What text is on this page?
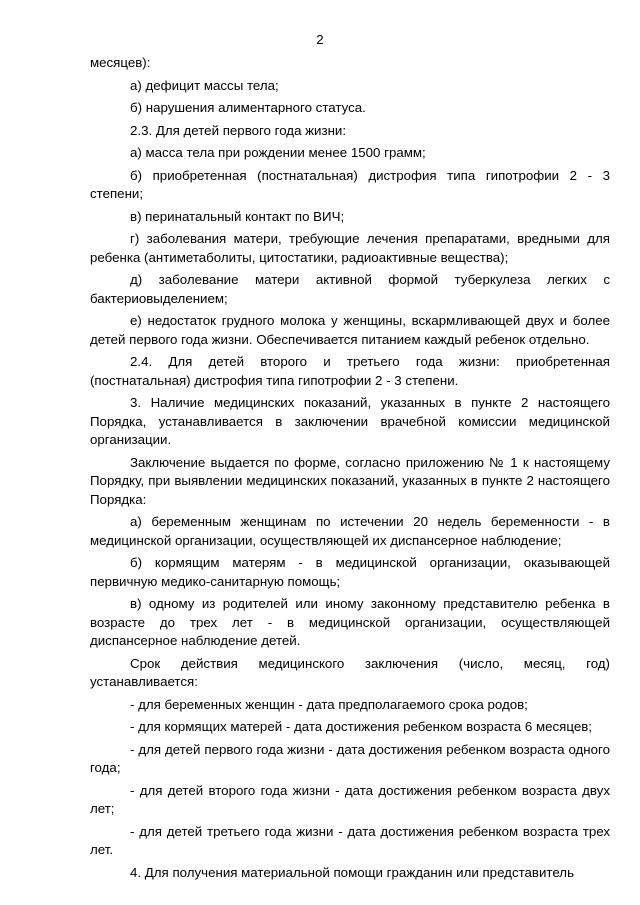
2

месяцев):

а) дефицит массы тела;

б) нарушения алиментарного статуса.

2.3. Для детей первого года жизни:

а) масса тела при рождении менее 1500 грамм;

б) приобретенная (постнатальная) дистрофия типа гипотрофии 2 - 3 степени;

в) перинатальный контакт по ВИЧ;

г) заболевания матери, требующие лечения препаратами, вредными для ребенка (антиметаболиты, цитостатики, радиоактивные вещества);

д) заболевание матери активной формой туберкулеза легких с бактериовыделением;

е) недостаток грудного молока у женщины, вскармливающей двух и более детей первого года жизни. Обеспечивается питанием каждый ребенок отдельно.

2.4. Для детей второго и третьего года жизни: приобретенная (постнатальная) дистрофия типа гипотрофии 2 - 3 степени.

3. Наличие медицинских показаний, указанных в пункте 2 настоящего Порядка, устанавливается в заключении врачебной комиссии медицинской организации.

Заключение выдается по форме, согласно приложению № 1 к настоящему Порядку, при выявлении медицинских показаний, указанных в пункте 2 настоящего Порядка:

а) беременным женщинам по истечении 20 недель беременности - в медицинской организации, осуществляющей их диспансерное наблюдение;

б) кормящим матерям - в медицинской организации, оказывающей первичную медико-санитарную помощь;

в) одному из родителей или иному законному представителю ребенка в возрасте до трех лет - в медицинской организации, осуществляющей диспансерное наблюдение детей.

Срок действия медицинского заключения (число, месяц, год) устанавливается:

- для беременных женщин - дата предполагаемого срока родов;

- для кормящих матерей - дата достижения ребенком возраста 6 месяцев;

- для детей первого года жизни - дата достижения ребенком возраста одного года;

- для детей второго года жизни - дата достижения ребенком возраста двух лет;

- для детей третьего года жизни - дата достижения ребенком возраста трех лет.

4. Для получения материальной помощи гражданин или представитель
